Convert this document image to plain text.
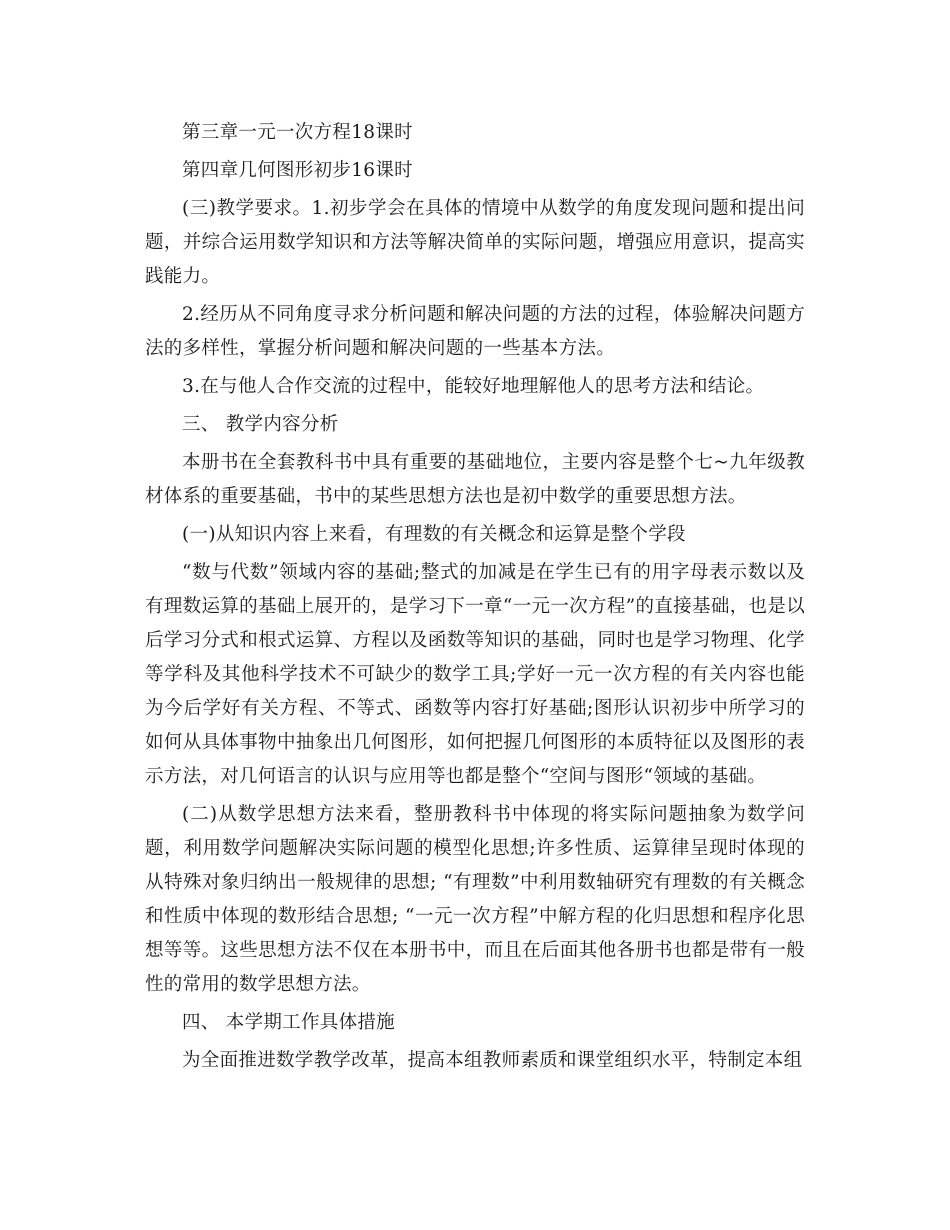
第三章一元一次方程18课时

第四章几何图形初步16课时

(三)教学要求。1.初步学会在具体的情境中从数学的角度发现问题和提出问题，并综合运用数学知识和方法等解决简单的实际问题，增强应用意识，提高实践能力。

2.经历从不同角度寻求分析问题和解决问题的方法的过程，体验解决问题方法的多样性，掌握分析问题和解决问题的一些基本方法。

3.在与他人合作交流的过程中，能较好地理解他人的思考方法和结论。

三、 教学内容分析

本册书在全套教科书中具有重要的基础地位，主要内容是整个七~九年级教材体系的重要基础，书中的某些思想方法也是初中数学的重要思想方法。

(一)从知识内容上来看，有理数的有关概念和运算是整个学段

“数与代数”领域内容的基础;整式的加减是在学生已有的用字母表示数以及有理数运算的基础上展开的，是学习下一章“一元一次方程”的直接基础，也是以后学习分式和根式运算、方程以及函数等知识的基础，同时也是学习物理、化学等学科及其他科学技术不可缺少的数学工具;学好一元一次方程的有关内容也能为今后学好有关方程、不等式、函数等内容打好基础;图形认识初步中所学习的如何从具体事物中抽象出几何图形，如何把握几何图形的本质特征以及图形的表示方法，对几何语言的认识与应用等也都是整个“空间与图形“领域的基础。

(二)从数学思想方法来看，整册教科书中体现的将实际问题抽象为数学问题，利用数学问题解决实际问题的模型化思想;许多性质、运算律呈现时体现的从特殊对象归纳出一般规律的思想; “有理数”中利用数轴研究有理数的有关概念和性质中体现的数形结合思想; “一元一次方程”中解方程的化归思想和程序化思想等等。这些思想方法不仅在本册书中，而且在后面其他各册书也都是带有一般性的常用的数学思想方法。

四、 本学期工作具体措施

为全面推进数学教学改革，提高本组教师素质和课堂组织水平，特制定本组
